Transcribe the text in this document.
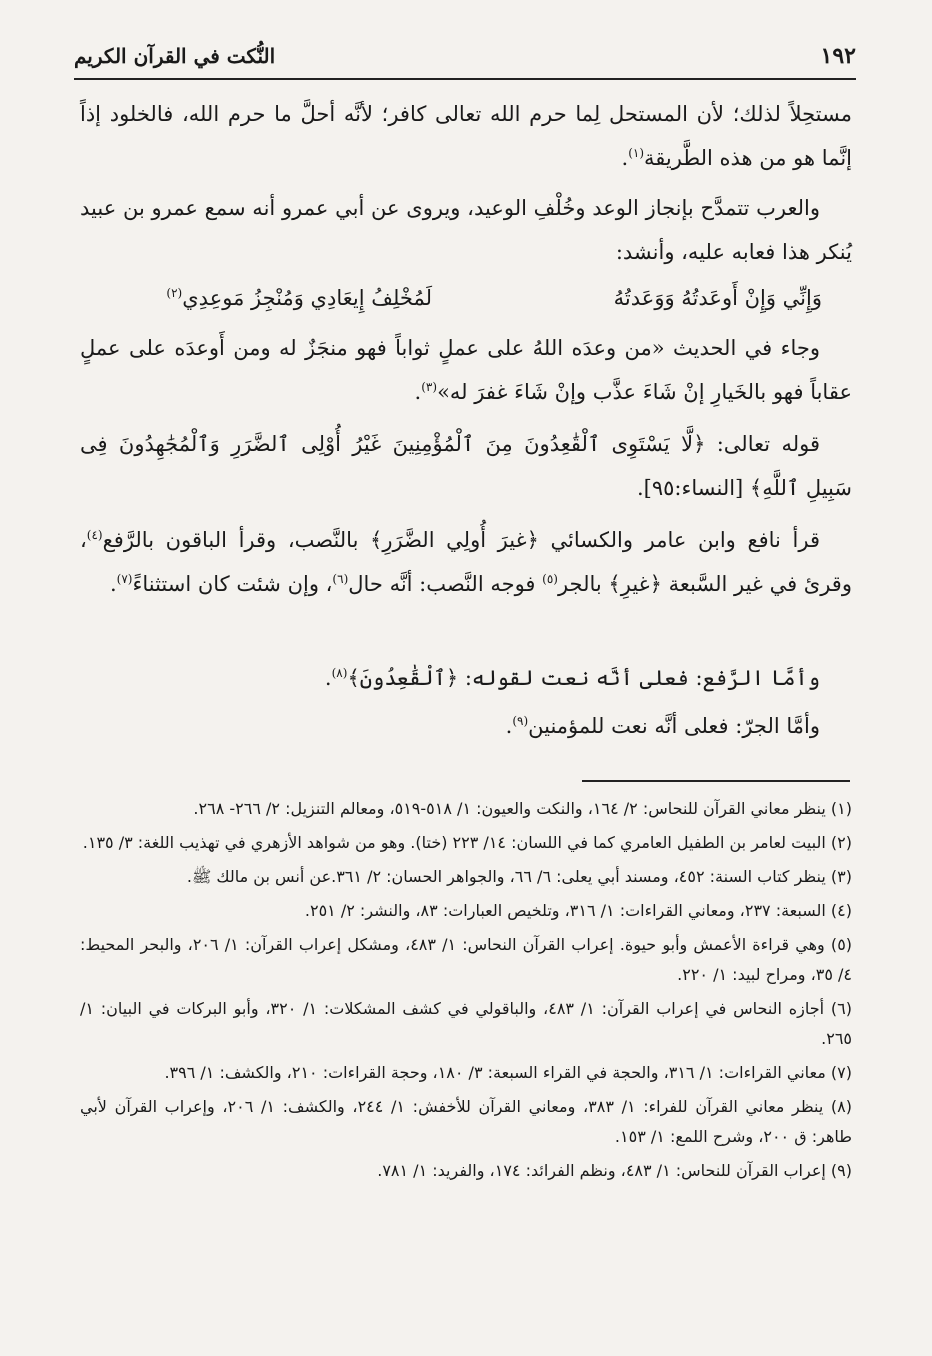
١٩٢
النُّكت في القرآن الكريم

مستحِلاً لذلك؛ لأن المستحل لِما حرم الله تعالى كافر؛ لأنَّه أحلَّ ما حرم الله، فالخلود إذاً إنَّما هو من هذه الطَّريقة$^{(١)}$.

والعرب تتمدَّح بإنجاز الوعد وخُلْفِ الوعيد، ويروى عن أبي عمرو أنه سمع عمرو بن عبيد يُنكر هذا فعابه عليه، وأنشد:

وَإِنِّي وَإِنْ أَوعَدتُهُ وَوَعَدتُهُ
لَمُخْلِفُ إِيعَادِي وَمُنْجِزُ مَوعِدِي$^{(٢)}$

وجاء في الحديث «من وعدَه اللهُ على عملٍ ثواباً فهو منجَزٌ له ومن أَوعدَه على عملٍ عقاباً فهو بالخَيارِ إنْ شَاءَ عذَّب وإنْ شَاءَ غفرَ له»$^{(٣)}$.

قوله تعالى: ﴿لَّا يَسْتَوِى ٱلْقَٰعِدُونَ مِنَ ٱلْمُؤْمِنِينَ غَيْرُ أُوْلِى ٱلضَّرَرِ وَٱلْمُجَٰهِدُونَ فِى سَبِيلِ ٱللَّهِ﴾ [النساء:٩٥].

قرأ نافع وابن عامر والكسائي ﴿غيرَ أُولِي الضَّرَرِ﴾ بالنَّصب، وقرأ الباقون بالرَّفع$^{(٤)}$، وقرئ في غير السَّبعة ﴿غيرِ﴾ بالجر$^{(٥)}$ فوجه النَّصب: أنَّه حال$^{(٦)}$، وإن شئت كان استثناءً$^{(٧)}$.

وأمَّا الرَّفع: فعلى أنَّه نعت لقوله: ﴿ٱلْقَٰعِدُونَ﴾$^{(٨)}$.

وأمَّا الجرّ: فعلى أنَّه نعت للمؤمنين$^{(٩)}$.

(١) ينظر معاني القرآن للنحاس: ٢/ ١٦٤، والنكت والعيون: ١/ ٥١٨-٥١٩، ومعالم التنزيل: ٢/ ٢٦٦- ٢٦٨.
(٢) البيت لعامر بن الطفيل العامري كما في اللسان: ١٤/ ٢٢٣ (ختا). وهو من شواهد الأزهري في تهذيب اللغة: ٣/ ١٣٥.
(٣) ينظر كتاب السنة: ٤٥٢، ومسند أبي يعلى: ٦/ ٦٦، والجواهر الحسان: ٢/ ٣٦١.عن أنس بن مالك ﷺ.
(٤) السبعة: ٢٣٧، ومعاني القراءات: ١/ ٣١٦، وتلخيص العبارات: ٨٣، والنشر: ٢/ ٢٥١.
(٥) وهي قراءة الأعمش وأبو حيوة. إعراب القرآن النحاس: ١/ ٤٨٣، ومشكل إعراب القرآن: ١/ ٢٠٦، والبحر المحيط: ٤/ ٣٥، ومراح لبيد: ١/ ٢٢٠.
(٦) أجازه النحاس في إعراب القرآن: ١/ ٤٨٣، والباقولي في كشف المشكلات: ١/ ٣٢٠، وأبو البركات في البيان: ١/ ٢٦٥.
(٧) معاني القراءات: ١/ ٣١٦، والحجة في القراء السبعة: ٣/ ١٨٠، وحجة القراءات: ٢١٠، والكشف: ١/ ٣٩٦.
(٨) ينظر معاني القرآن للفراء: ١/ ٣٨٣، ومعاني القرآن للأخفش: ١/ ٢٤٤، والكشف: ١/ ٢٠٦، وإعراب القرآن لأبي طاهر: ق ٢٠٠، وشرح اللمع: ١/ ١٥٣.
(٩) إعراب القرآن للنحاس: ١/ ٤٨٣، ونظم الفرائد: ١٧٤، والفريد: ١/ ٧٨١.
